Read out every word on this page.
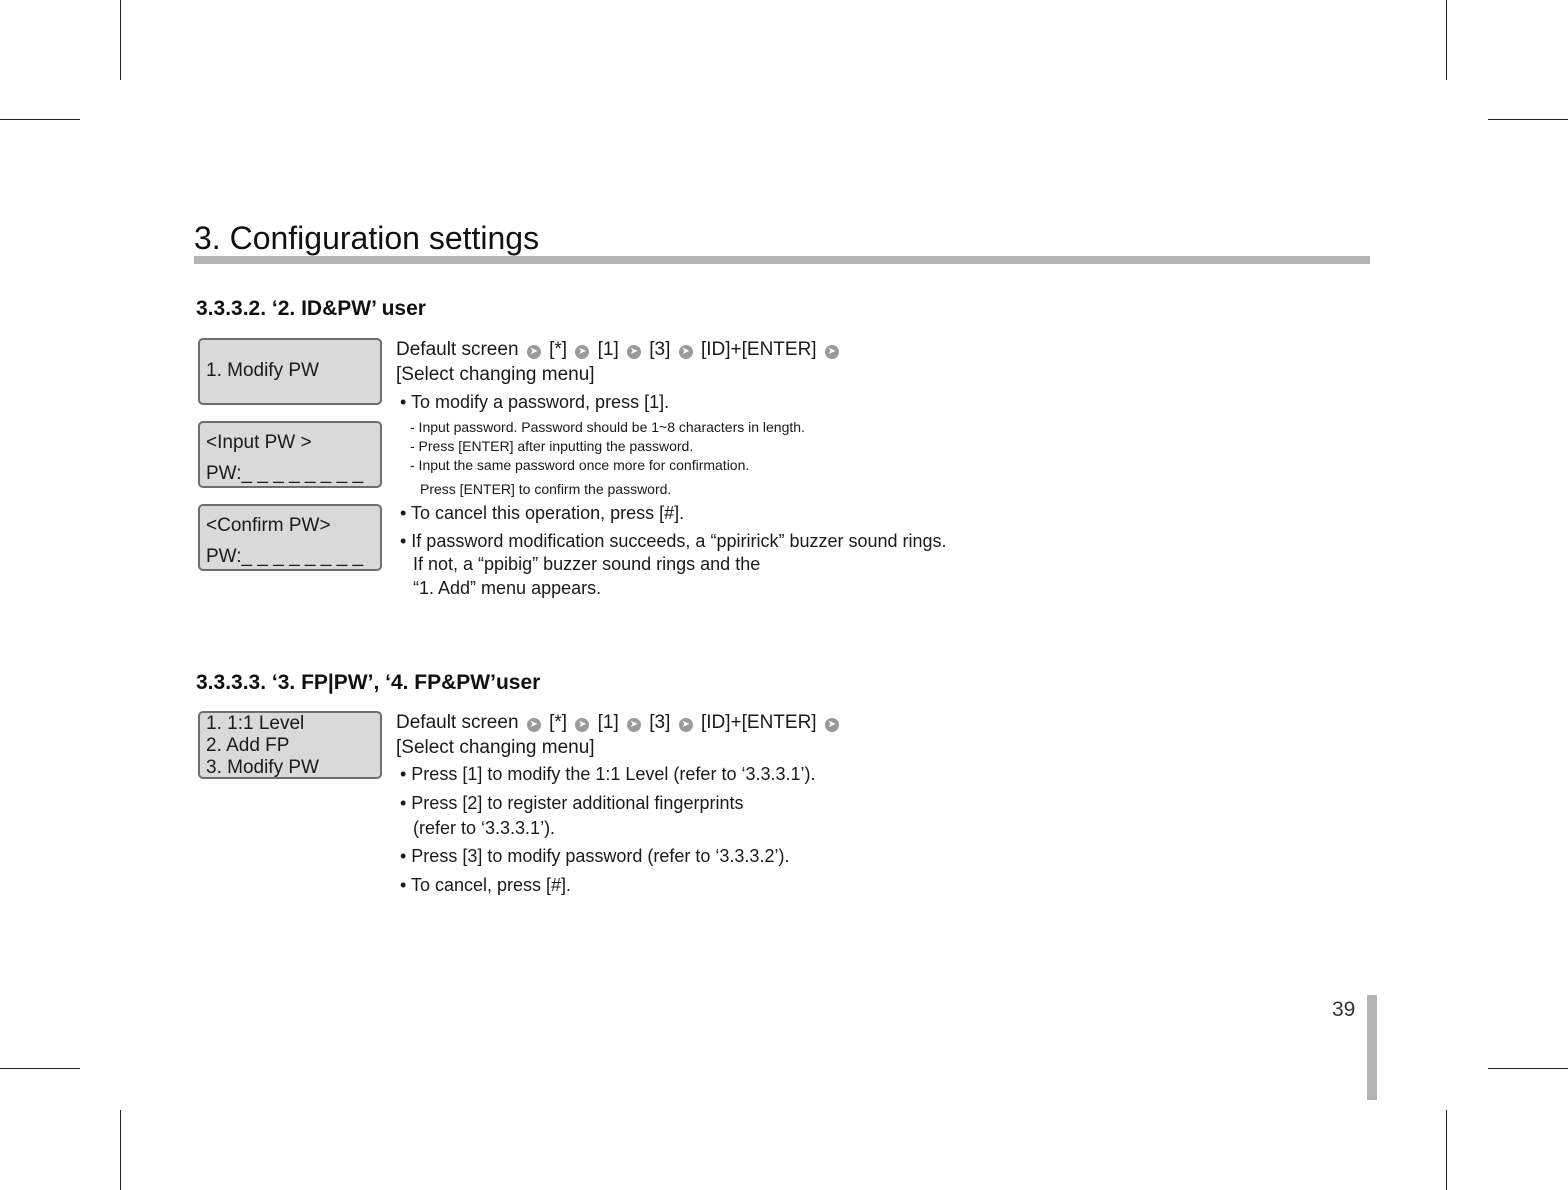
3. Configuration settings
3.3.3.2. ‘2. ID&PW’ user
1. Modify PW
<Input PW >
PW:_ _ _ _ _ _ _ _
<Confirm PW>
PW:_ _ _ _ _ _ _ _
Default screen ➤ [*] ➤ [1] ➤ [3] ➤ [ID]+[ENTER] ➤
[Select changing menu]
• To modify a password, press [1].
- Input password. Password should be 1~8 characters in length.
- Press [ENTER] after inputting the password.
- Input the same password once more for confirmation.
Press [ENTER] to confirm the password.
• To cancel this operation, press [#].
• If password modification succeeds, a “ppiririck” buzzer sound rings.
If not, a “ppibig” buzzer sound rings and the
“1. Add” menu appears.
3.3.3.3. ‘3. FP|PW’, ‘4. FP&PW’user
1. 1:1 Level
2. Add FP
3. Modify PW
Default screen ➤ [*] ➤ [1] ➤ [3] ➤ [ID]+[ENTER] ➤
[Select changing menu]
• Press [1] to modify the 1:1 Level (refer to ‘3.3.3.1’).
• Press [2] to register additional fingerprints
(refer to ‘3.3.3.1’).
• Press [3] to modify password (refer to ‘3.3.3.2’).
• To cancel, press [#].
39
